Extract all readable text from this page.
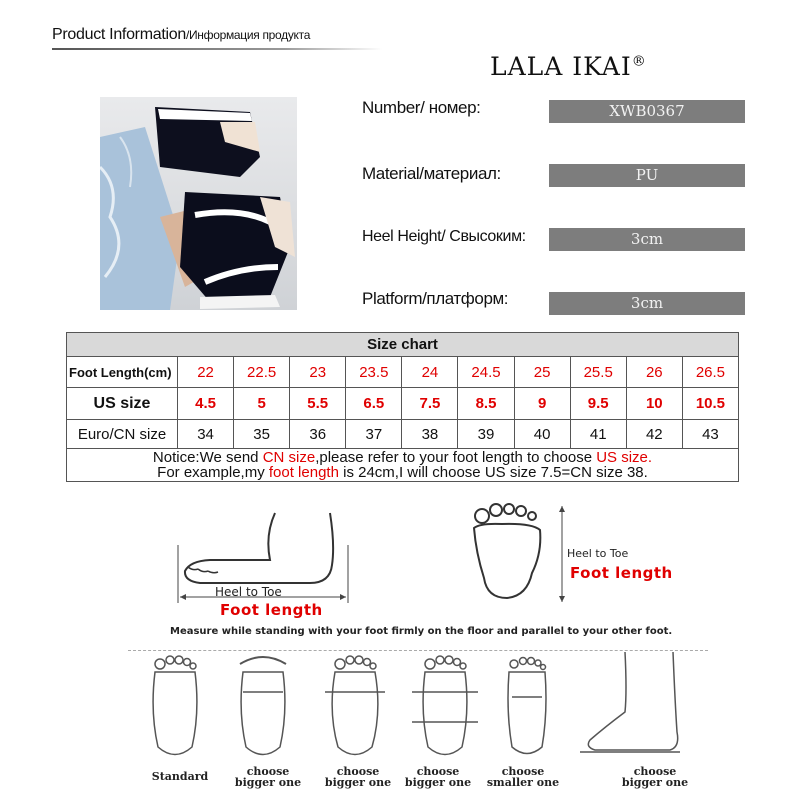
Product Information/Информация продукта
LALA IKAI®
Number/ номер:	XWB0367
Material/материал:	PU
Heel Height/ Cвысоким:	3cm
Platform/платформ:	3cm
Size chart										
Foot Length(cm)	22	22.5	23	23.5	24	24.5	25	25.5	26	26.5
US size	4.5	5	5.5	6.5	7.5	8.5	9	9.5	10	10.5
Euro/CN size	34	35	36	37	38	39	40	41	42	43
Notice:We send CN size,please refer to your foot length to choose US size.
For example,my foot length is 24cm,I will choose US size 7.5=CN size 38.										
Heel to Toe
Foot length
Heel to Toe
Foot length
Measure while standing with your foot firmly on the floor and parallel to your other foot.
Standard	choose
bigger one
choose
bigger one
choose
bigger one
choose
smaller one
choose
bigger one
